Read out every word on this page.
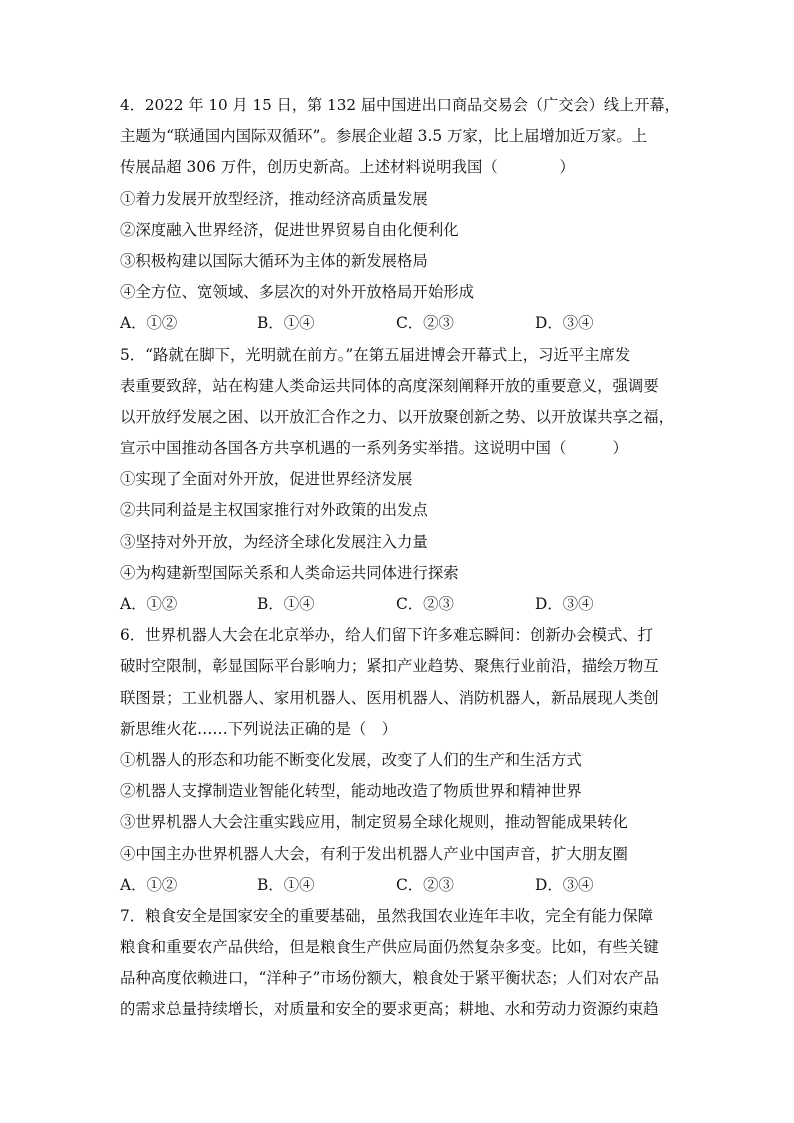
4．2022 年 10 月 15 日，第 132 届中国进出口商品交易会（广交会）线上开幕，
主题为“联通国内国际双循环”。参展企业超 3.5 万家，比上届增加近万家。上
传展品超 306 万件，创历史新高。上述材料说明我国（　　　　）
①着力发展开放型经济，推动经济高质量发展
②深度融入世界经济，促进世界贸易自由化便利化
③积极构建以国际大循环为主体的新发展格局
④全方位、宽领域、多层次的对外开放格局开始形成
A．①②	B．①④	C．②③	D．③④
5．“路就在脚下，光明就在前方。”在第五届进博会开幕式上，习近平主席发
表重要致辞，站在构建人类命运共同体的高度深刻阐释开放的重要意义，强调要
以开放纾发展之困、以开放汇合作之力、以开放聚创新之势、以开放谋共享之福，
宣示中国推动各国各方共享机遇的一系列务实举措。这说明中国（　　　）
①实现了全面对外开放，促进世界经济发展
②共同利益是主权国家推行对外政策的出发点
③坚持对外开放，为经济全球化发展注入力量
④为构建新型国际关系和人类命运共同体进行探索
A．①②	B．①④	C．②③	D．③④
6．世界机器人大会在北京举办，给人们留下许多难忘瞬间：创新办会模式、打
破时空限制，彰显国际平台影响力；紧扣产业趋势、聚焦行业前沿，描绘万物互
联图景；工业机器人、家用机器人、医用机器人、消防机器人，新品展现人类创
新思维火花……下列说法正确的是（　）
①机器人的形态和功能不断变化发展，改变了人们的生产和生活方式
②机器人支撑制造业智能化转型，能动地改造了物质世界和精神世界
③世界机器人大会注重实践应用，制定贸易全球化规则，推动智能成果转化
④中国主办世界机器人大会，有利于发出机器人产业中国声音，扩大朋友圈
A．①②	B．①④	C．②③	D．③④
7．粮食安全是国家安全的重要基础，虽然我国农业连年丰收，完全有能力保障
粮食和重要农产品供给，但是粮食生产供应局面仍然复杂多变。比如，有些关键
品种高度依赖进口，“洋种子”市场份额大，粮食处于紧平衡状态；人们对农产品
的需求总量持续增长，对质量和安全的要求更高；耕地、水和劳动力资源约束趋
